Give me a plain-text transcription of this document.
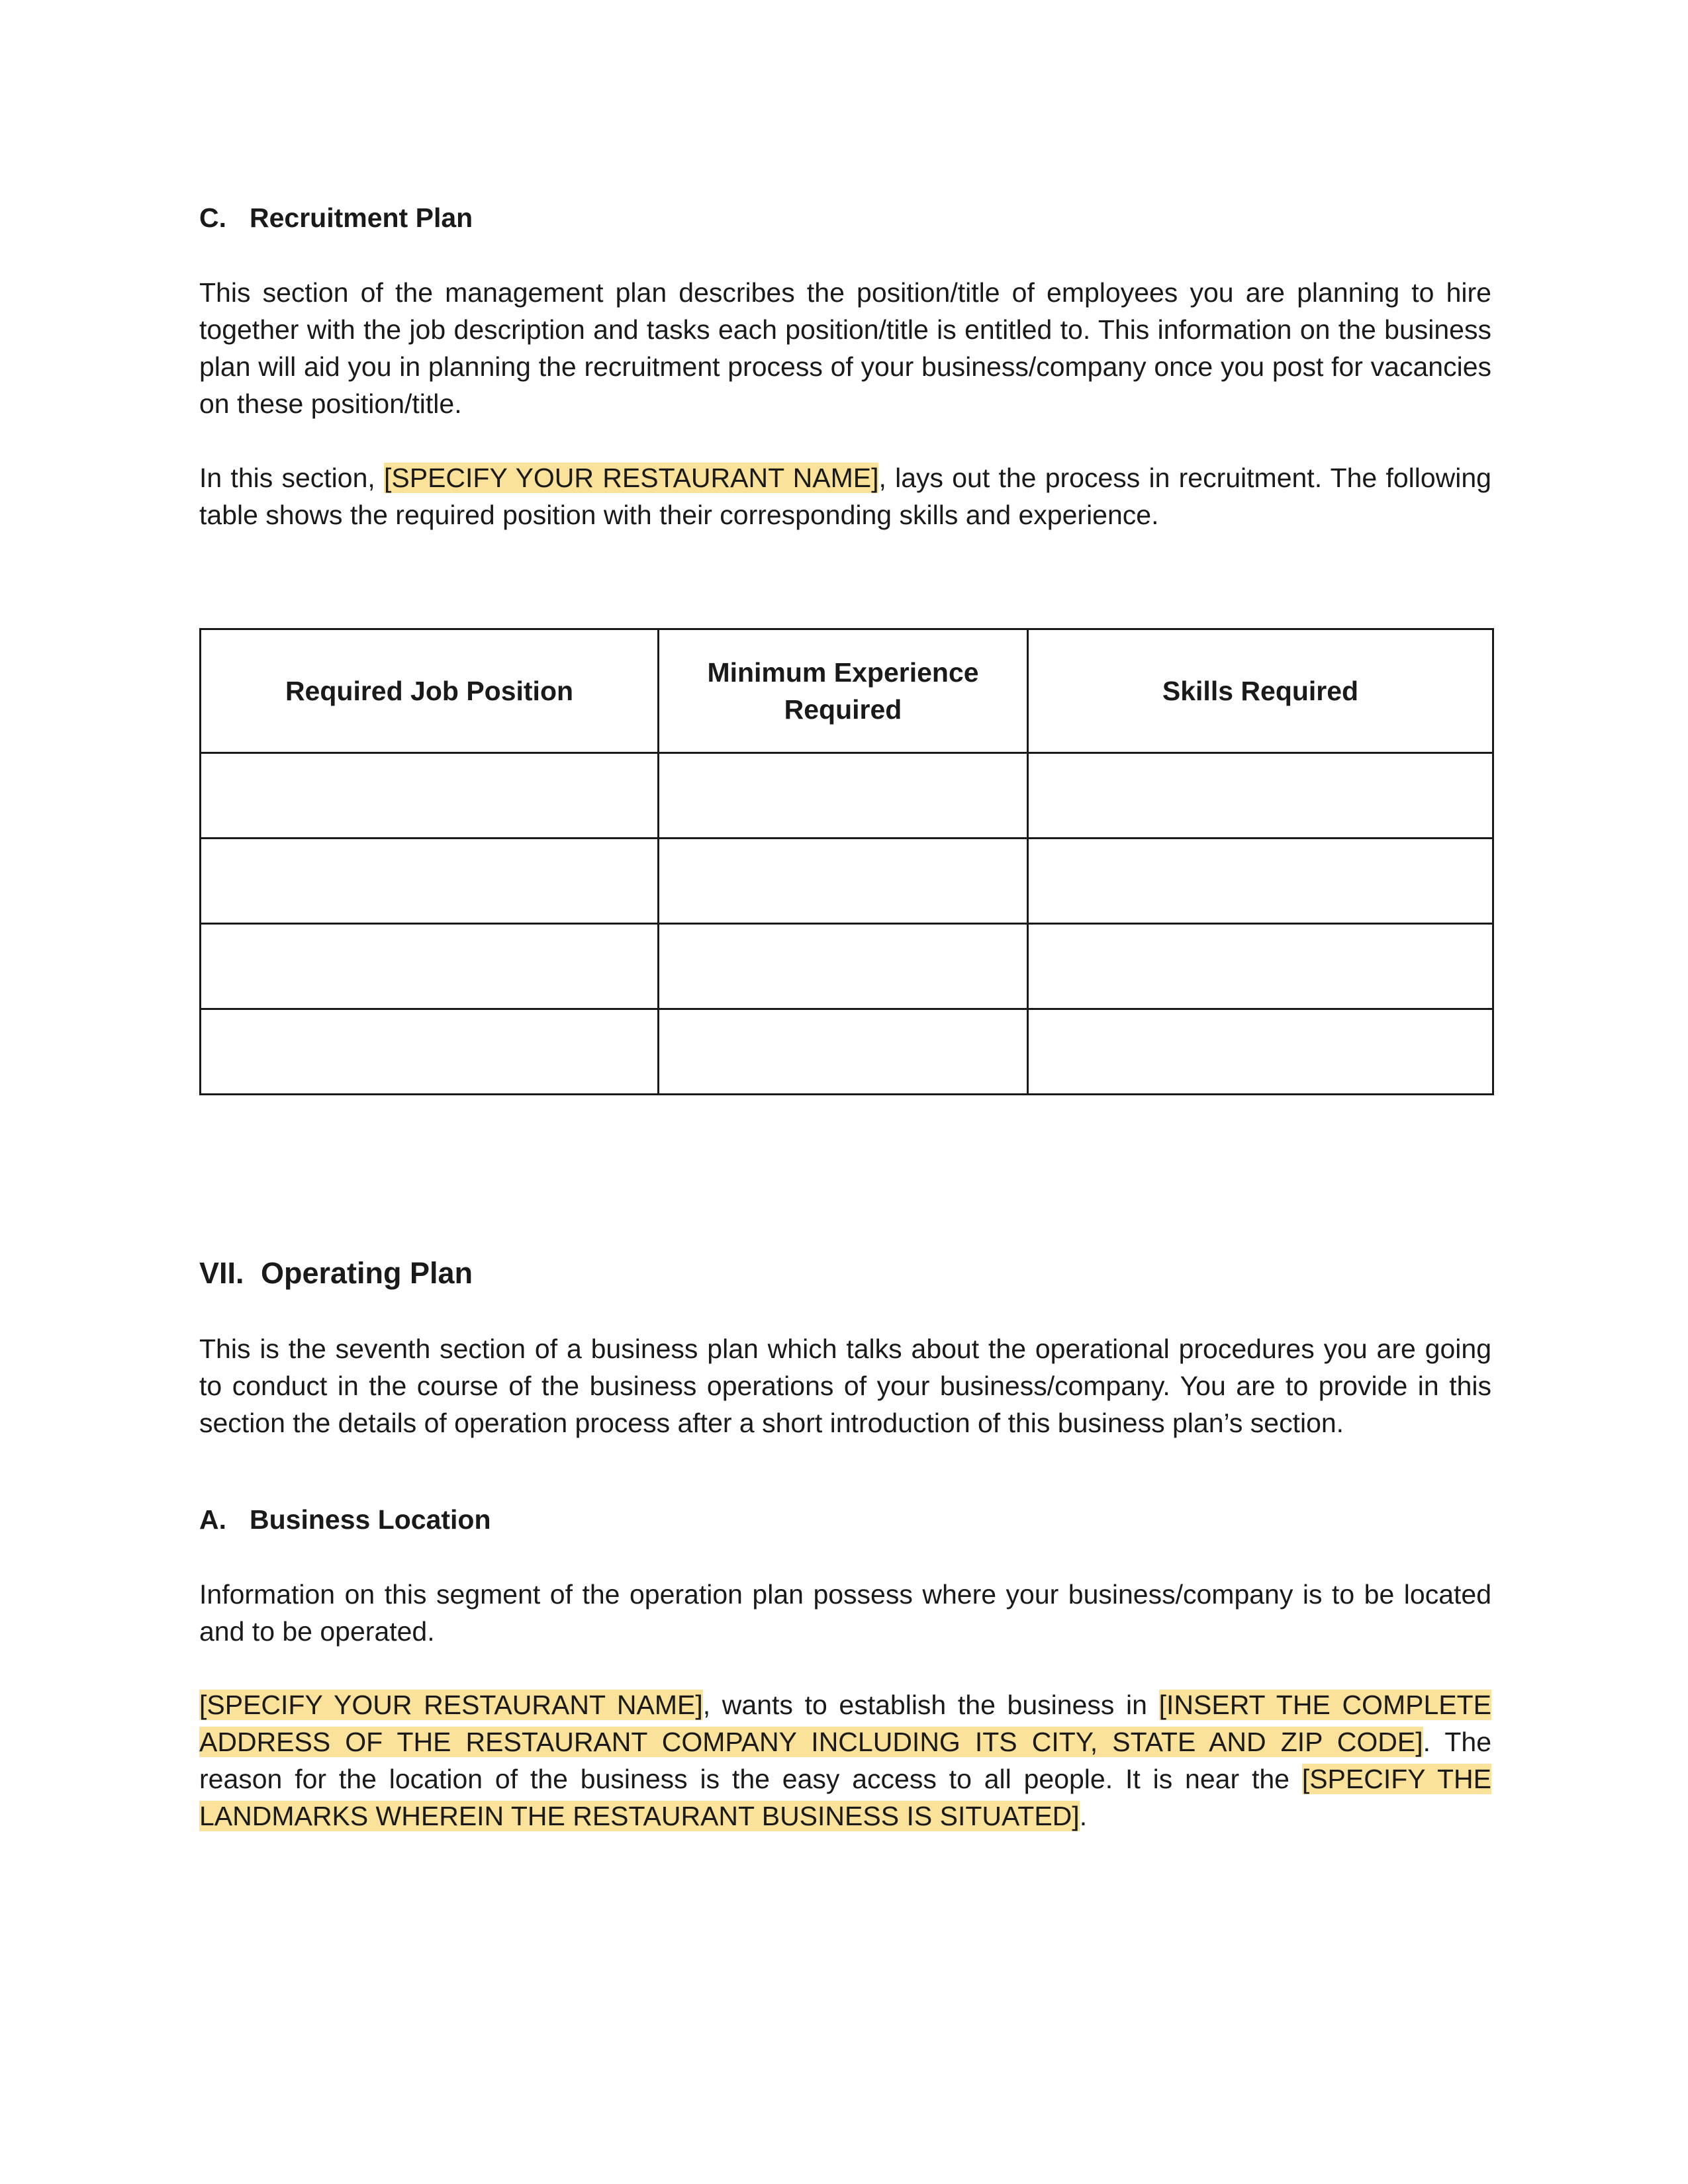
C. Recruitment Plan

This section of the management plan describes the position/title of employees you are planning to hire together with the job description and tasks each position/title is entitled to. This information on the business plan will aid you in planning the recruitment process of your business/company once you post for vacancies on these position/title.

In this section, [SPECIFY YOUR RESTAURANT NAME], lays out the process in recruitment. The following table shows the required position with their corresponding skills and experience.

Required Job Position	Minimum Experience Required	Skills Required

VII. Operating Plan

This is the seventh section of a business plan which talks about the operational procedures you are going to conduct in the course of the business operations of your business/company. You are to provide in this section the details of operation process after a short introduction of this business plan’s section.

A. Business Location

Information on this segment of the operation plan possess where your business/company is to be located and to be operated.

[SPECIFY YOUR RESTAURANT NAME], wants to establish the business in [INSERT THE COMPLETE ADDRESS OF THE RESTAURANT COMPANY INCLUDING ITS CITY, STATE AND ZIP CODE]. The reason for the location of the business is the easy access to all people. It is near the [SPECIFY THE LANDMARKS WHEREIN THE RESTAURANT BUSINESS IS SITUATED].
